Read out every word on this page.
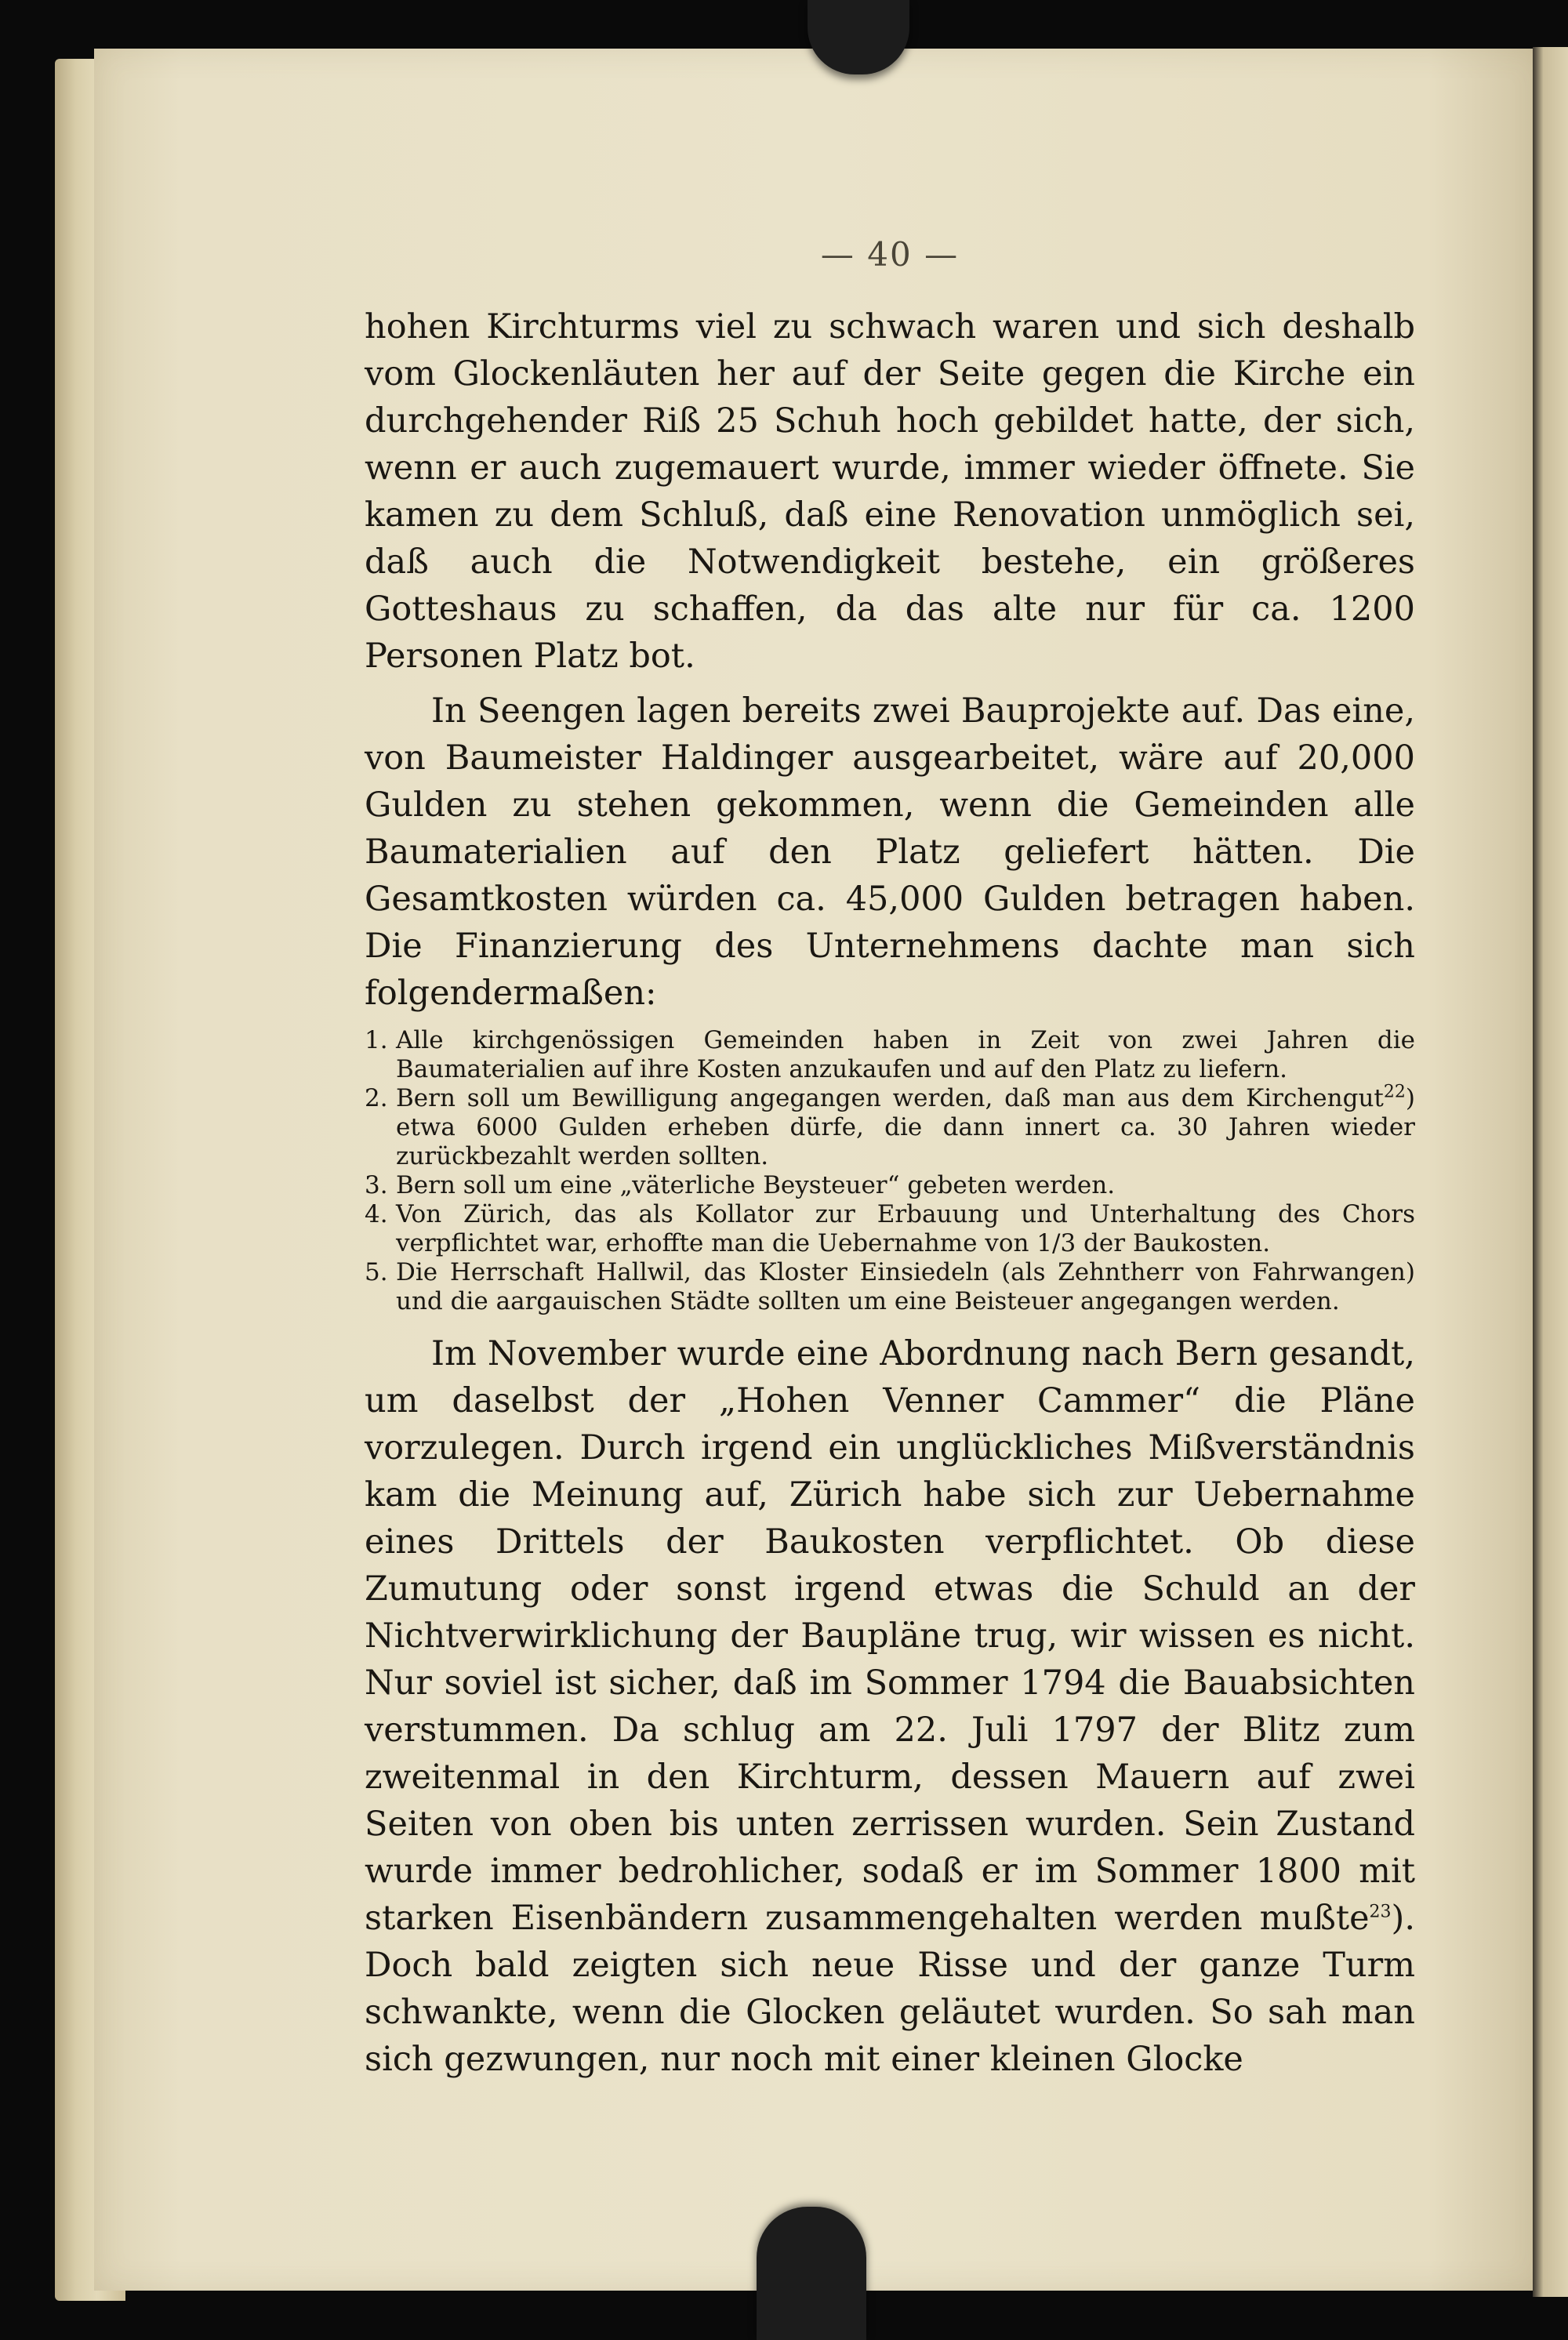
— 40 —

hohen Kirchturms viel zu schwach waren und sich deshalb vom Glockenläuten her auf der Seite gegen die Kirche ein durchgehender Riß 25 Schuh hoch gebildet hatte, der sich, wenn er auch zugemauert wurde, immer wieder öffnete. Sie kamen zu dem Schluß, daß eine Renovation unmöglich sei, daß auch die Notwendigkeit bestehe, ein größeres Gotteshaus zu schaffen, da das alte nur für ca. 1200 Personen Platz bot.

In Seengen lagen bereits zwei Bauprojekte auf. Das eine, von Baumeister Haldinger ausgearbeitet, wäre auf 20,000 Gulden zu stehen gekommen, wenn die Gemeinden alle Baumaterialien auf den Platz geliefert hätten. Die Gesamtkosten würden ca. 45,000 Gulden betragen haben. Die Finanzierung des Unternehmens dachte man sich folgendermaßen:

1. Alle kirchgenössigen Gemeinden haben in Zeit von zwei Jahren die Baumaterialien auf ihre Kosten anzukaufen und auf den Platz zu liefern.
2. Bern soll um Bewilligung angegangen werden, daß man aus dem Kirchengut$^{22}$) etwa 6000 Gulden erheben dürfe, die dann innert ca. 30 Jahren wieder zurückbezahlt werden sollten.
3. Bern soll um eine „väterliche Beysteuer“ gebeten werden.
4. Von Zürich, das als Kollator zur Erbauung und Unterhaltung des Chors verpflichtet war, erhoffte man die Uebernahme von 1/3 der Baukosten.
5. Die Herrschaft Hallwil, das Kloster Einsiedeln (als Zehntherr von Fahrwangen) und die aargauischen Städte sollten um eine Beisteuer angegangen werden.

Im November wurde eine Abordnung nach Bern gesandt, um daselbst der „Hohen Venner Cammer“ die Pläne vorzulegen. Durch irgend ein unglückliches Mißverständnis kam die Meinung auf, Zürich habe sich zur Uebernahme eines Drittels der Baukosten verpflichtet. Ob diese Zumutung oder sonst irgend etwas die Schuld an der Nichtverwirklichung der Baupläne trug, wir wissen es nicht. Nur soviel ist sicher, daß im Sommer 1794 die Bauabsichten verstummen. Da schlug am 22. Juli 1797 der Blitz zum zweitenmal in den Kirchturm, dessen Mauern auf zwei Seiten von oben bis unten zerrissen wurden. Sein Zustand wurde immer bedrohlicher, sodaß er im Sommer 1800 mit starken Eisenbändern zusammengehalten werden mußte$^{23}$). Doch bald zeigten sich neue Risse und der ganze Turm schwankte, wenn die Glocken geläutet wurden. So sah man sich gezwungen, nur noch mit einer kleinen Glocke
